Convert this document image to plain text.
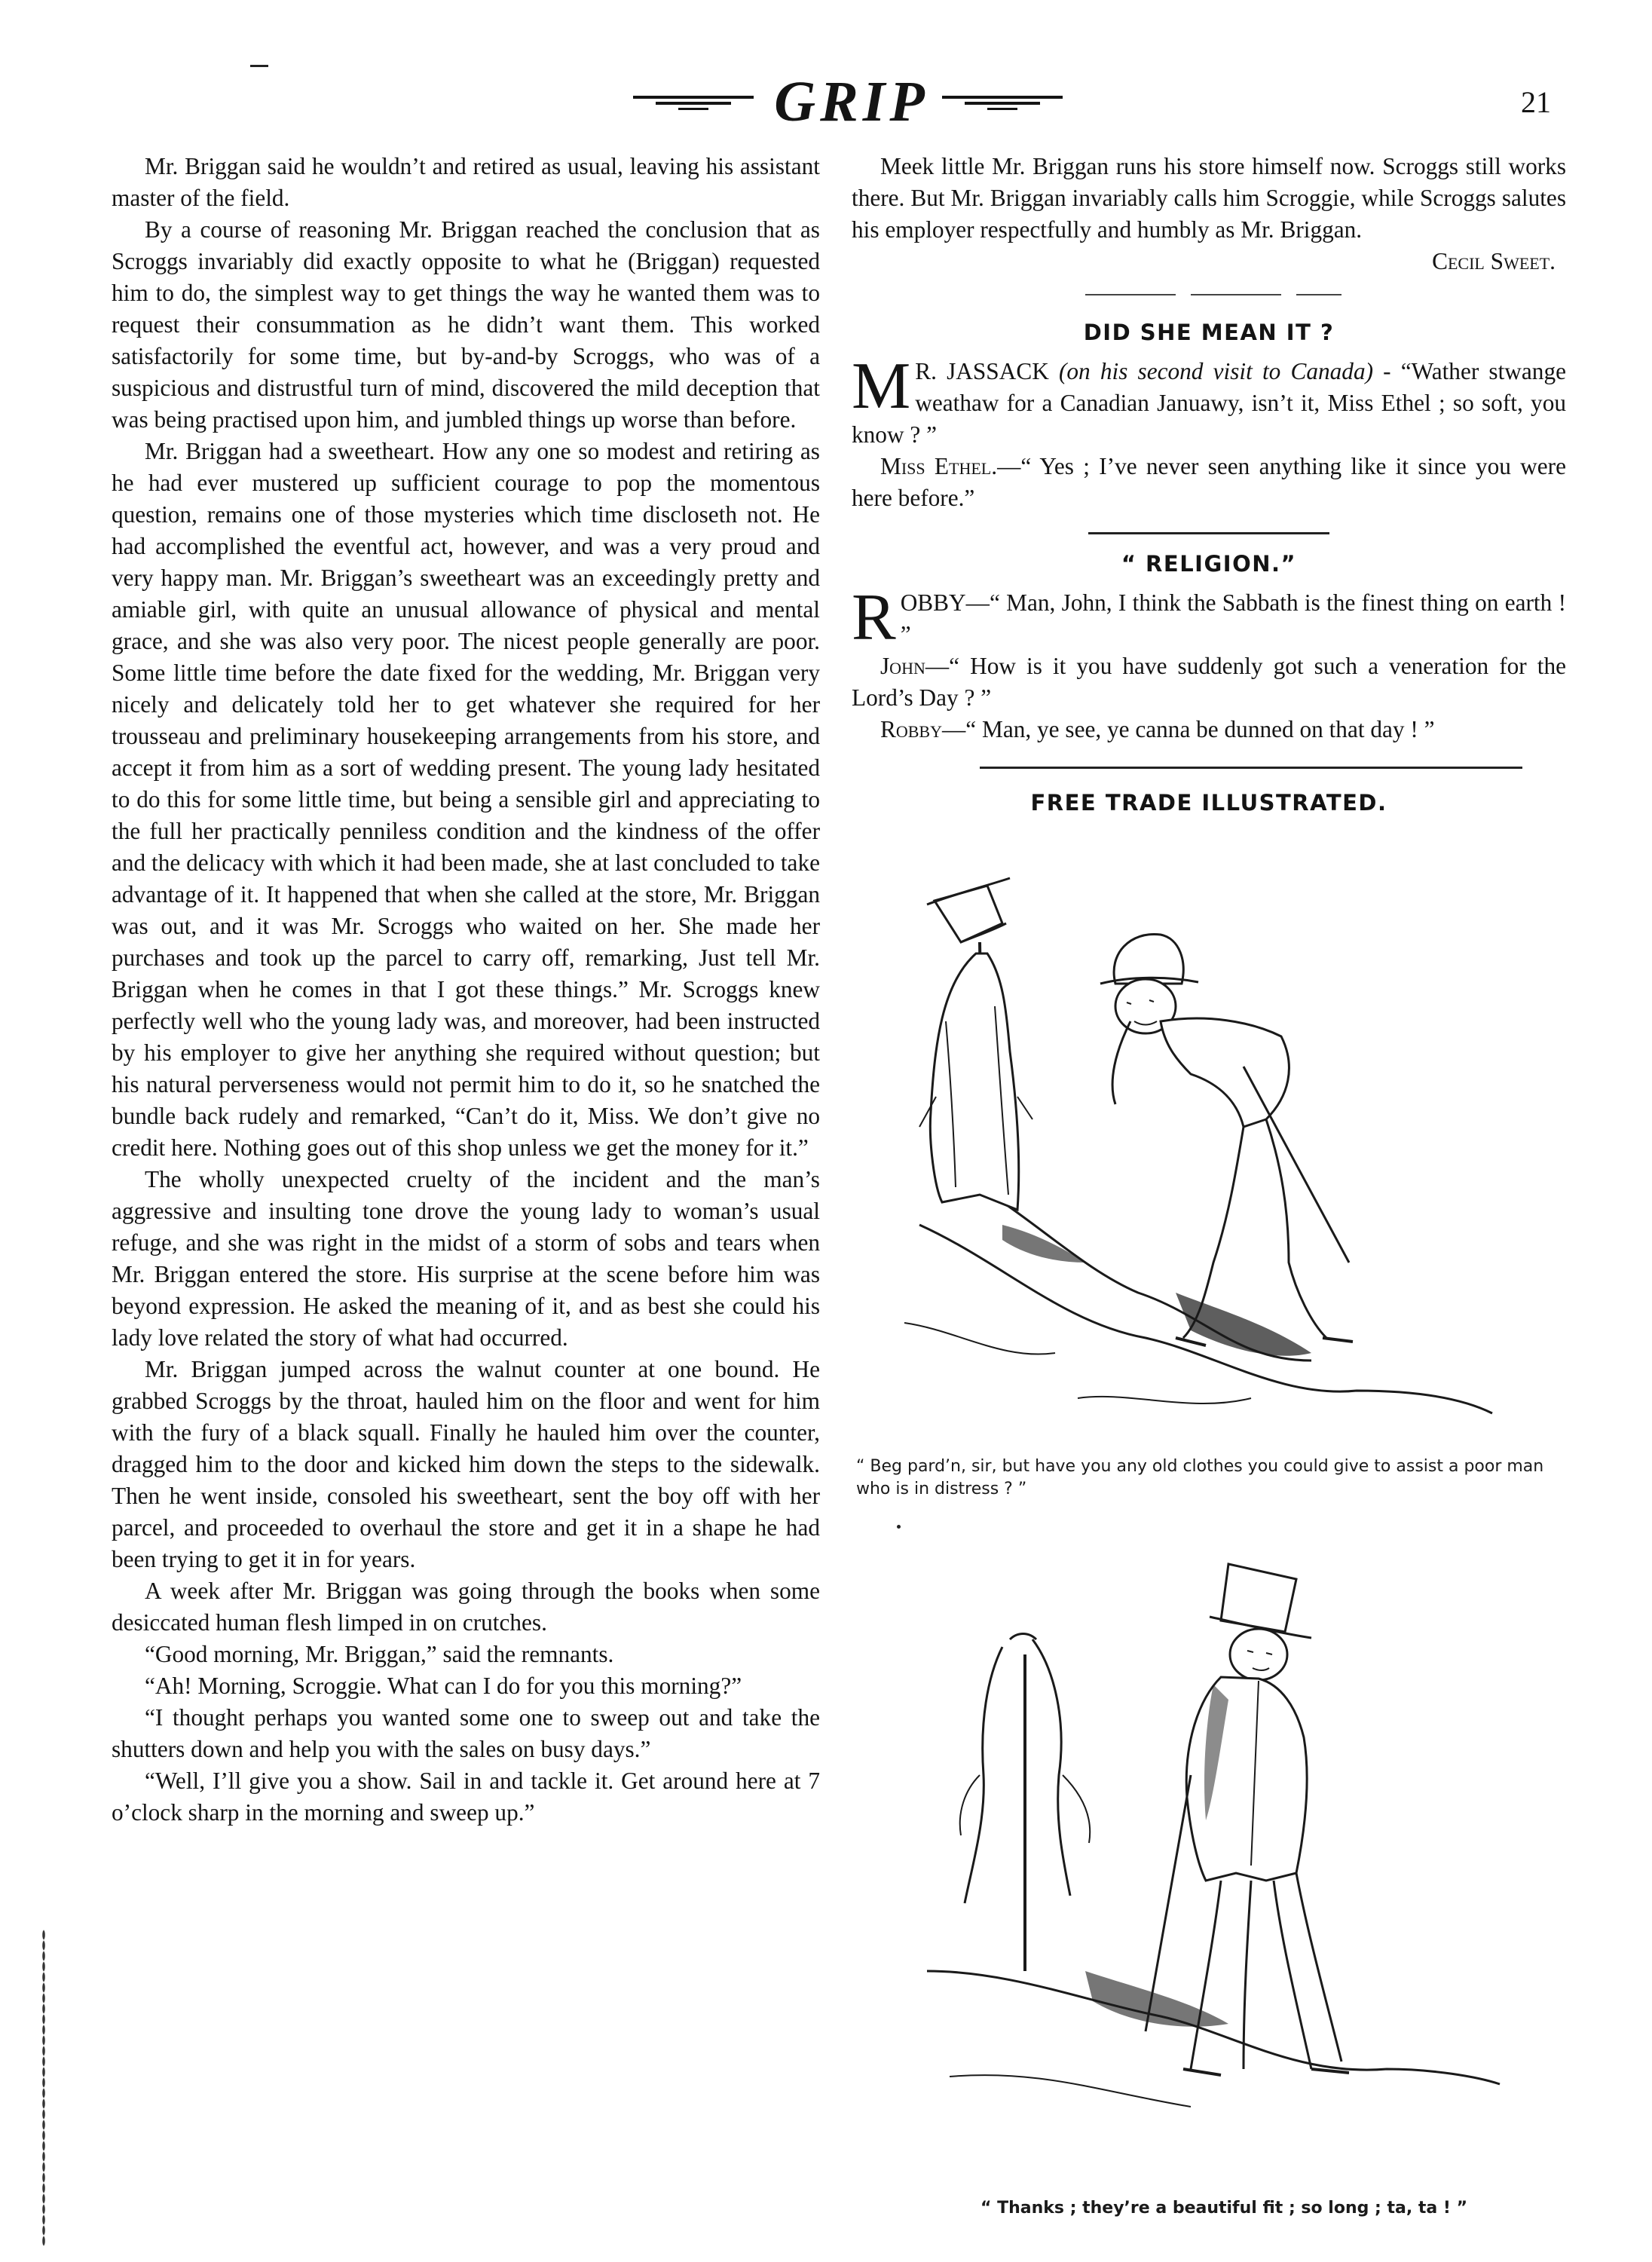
GRIP	21

Mr. Briggan said he wouldn’t and retired as usual, leaving his assistant master of the field.

By a course of reasoning Mr. Briggan reached the conclusion that as Scroggs invariably did exactly opposite to what he (Briggan) requested him to do, the simplest way to get things the way he wanted them was to request their consummation as he didn’t want them. This worked satisfactorily for some time, but by-and-by Scroggs, who was of a suspicious and distrustful turn of mind, discovered the mild deception that was being practised upon him, and jumbled things up worse than before.

Mr. Briggan had a sweetheart. How any one so modest and retiring as he had ever mustered up sufficient courage to pop the momentous question, remains one of those mysteries which time discloseth not. He had accomplished the eventful act, however, and was a very proud and very happy man. Mr. Briggan’s sweetheart was an exceedingly pretty and amiable girl, with quite an unusual allowance of physical and mental grace, and she was also very poor. The nicest people generally are poor. Some little time before the date fixed for the wedding, Mr. Briggan very nicely and delicately told her to get whatever she required for her trousseau and preliminary housekeeping arrangements from his store, and accept it from him as a sort of wedding present. The young lady hesitated to do this for some little time, but being a sensible girl and appreciating to the full her practically penniless condition and the kindness of the offer and the delicacy with which it had been made, she at last concluded to take advantage of it. It happened that when she called at the store, Mr. Briggan was out, and it was Mr. Scroggs who waited on her. She made her purchases and took up the parcel to carry off, remarking, Just tell Mr. Briggan when he comes in that I got these things.” Mr. Scroggs knew perfectly well who the young lady was, and moreover, had been instructed by his employer to give her anything she required without question; but his natural perverseness would not permit him to do it, so he snatched the bundle back rudely and remarked, “Can’t do it, Miss. We don’t give no credit here. Nothing goes out of this shop unless we get the money for it.”

The wholly unexpected cruelty of the incident and the man’s aggressive and insulting tone drove the young lady to woman’s usual refuge, and she was right in the midst of a storm of sobs and tears when Mr. Briggan entered the store. His surprise at the scene before him was beyond expression. He asked the meaning of it, and as best she could his lady love related the story of what had occurred.

Mr. Briggan jumped across the walnut counter at one bound. He grabbed Scroggs by the throat, hauled him on the floor and went for him with the fury of a black squall. Finally he hauled him over the counter, dragged him to the door and kicked him down the steps to the sidewalk. Then he went inside, consoled his sweetheart, sent the boy off with her parcel, and proceeded to overhaul the store and get it in a shape he had been trying to get it in for years.

A week after Mr. Briggan was going through the books when some desiccated human flesh limped in on crutches.

“Good morning, Mr. Briggan,” said the remnants.

“Ah! Morning, Scroggie. What can I do for you this morning?”

“I thought perhaps you wanted some one to sweep out and take the shutters down and help you with the sales on busy days.”

“Well, I’ll give you a show. Sail in and tackle it. Get around here at 7 o’clock sharp in the morning and sweep up.”

Meek little Mr. Briggan runs his store himself now. Scroggs still works there. But Mr. Briggan invariably calls him Scroggie, while Scroggs salutes his employer respectfully and humbly as Mr. Briggan.

Cecil Sweet.

DID SHE MEAN IT ?

M R. JASSACK (on his second visit to Canada) - “Wather stwange weathaw for a Canadian Januawy, isn’t it, Miss Ethel ; so soft, you know ? ”

Miss Ethel.—“ Yes ; I’ve never seen anything like it since you were here before.”

“ RELIGION.”

ROBBY—“ Man, John, I think the Sabbath is the finest thing on earth ! ”

John—“ How is it you have suddenly got such a veneration for the Lord’s Day ? ”

Robby—“ Man, ye see, ye canna be dunned on that day ! ”

FREE TRADE ILLUSTRATED.
“ Beg pard’n, sir, but have you any old clothes you could give to assist a poor man who is in distress ? ”
“ Thanks ; they’re a beautiful fit ; so long ; ta, ta ! ”
